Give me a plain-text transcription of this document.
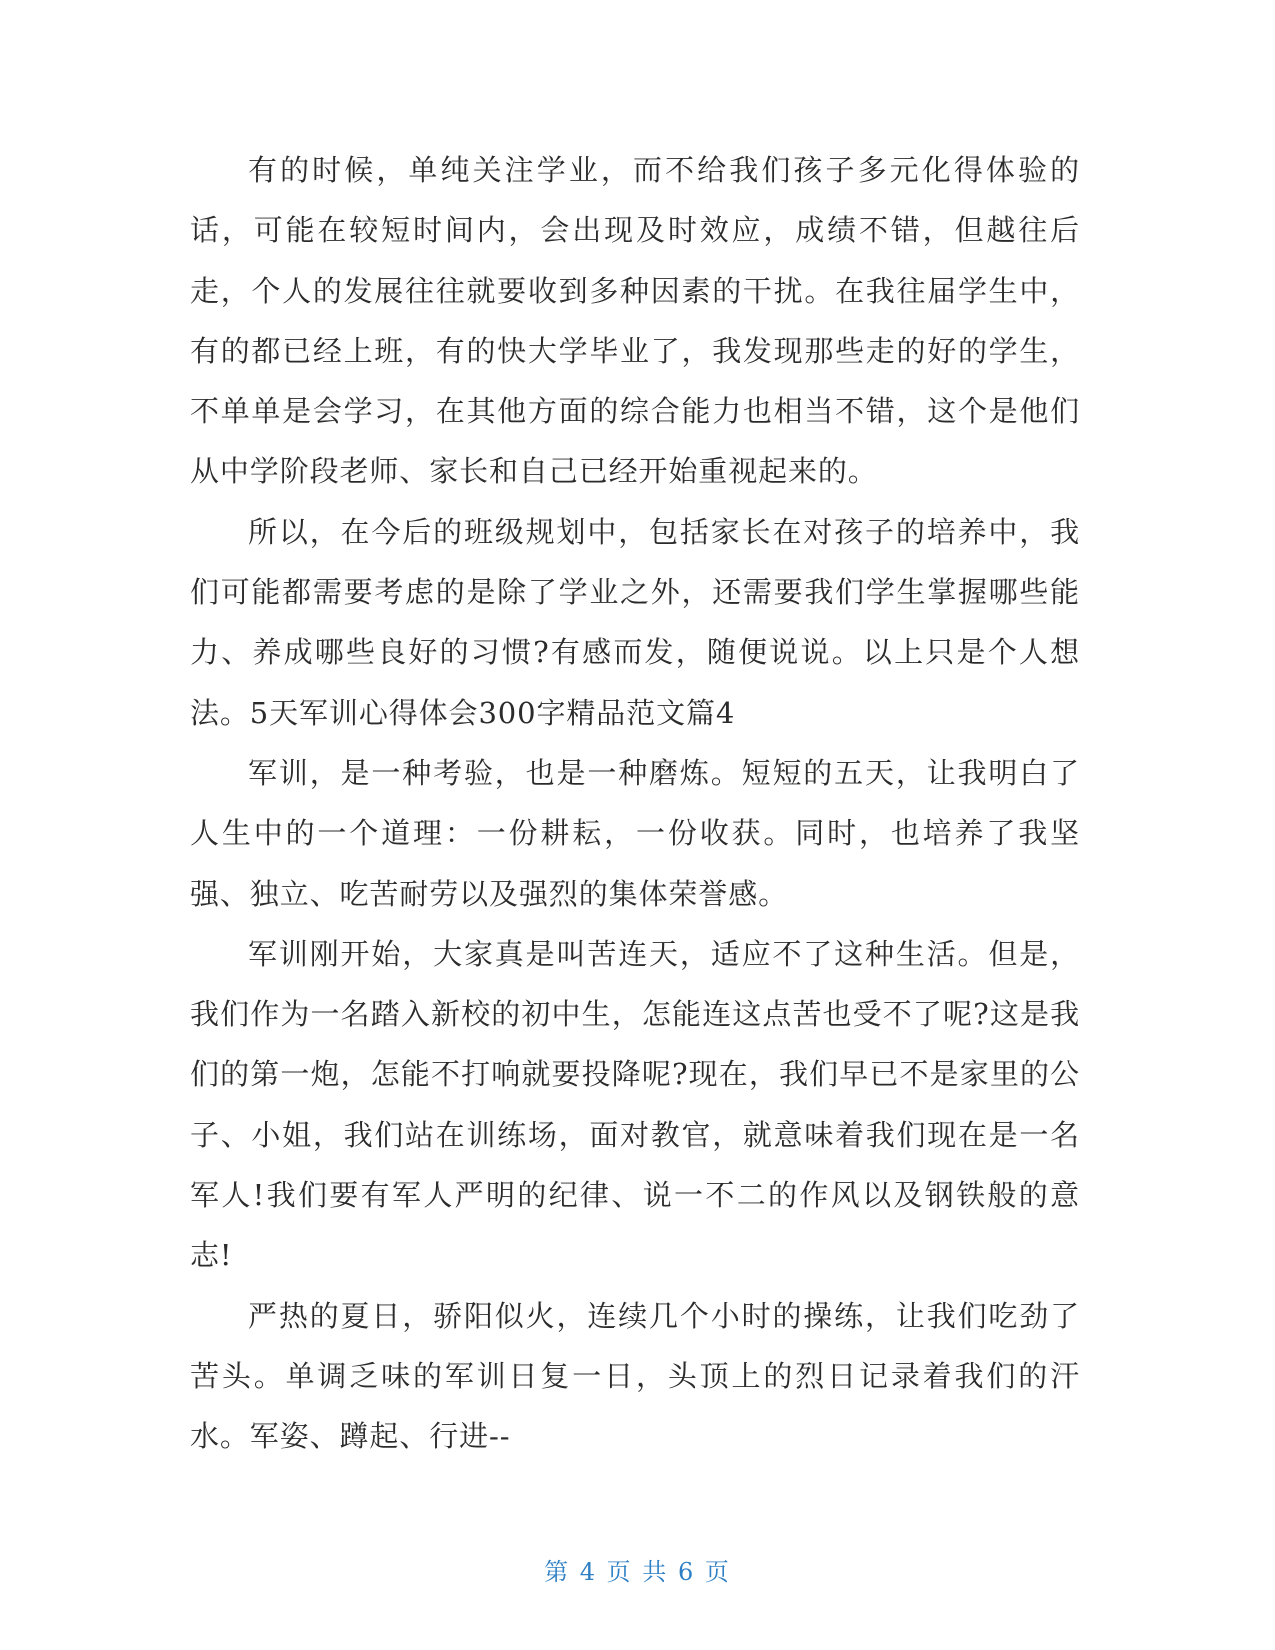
有的时候，单纯关注学业，而不给我们孩子多元化得体验的话，可能在较短时间内，会出现及时效应，成绩不错，但越往后走，个人的发展往往就要收到多种因素的干扰。在我往届学生中，有的都已经上班，有的快大学毕业了，我发现那些走的好的学生，不单单是会学习，在其他方面的综合能力也相当不错，这个是他们从中学阶段老师、家长和自己已经开始重视起来的。

所以，在今后的班级规划中，包括家长在对孩子的培养中，我们可能都需要考虑的是除了学业之外，还需要我们学生掌握哪些能力、养成哪些良好的习惯?有感而发，随便说说。以上只是个人想法。5天军训心得体会300字精品范文篇4

军训，是一种考验，也是一种磨炼。短短的五天，让我明白了人生中的一个道理：一份耕耘，一份收获。同时，也培养了我坚强、独立、吃苦耐劳以及强烈的集体荣誉感。

军训刚开始，大家真是叫苦连天，适应不了这种生活。但是，我们作为一名踏入新校的初中生，怎能连这点苦也受不了呢?这是我们的第一炮，怎能不打响就要投降呢?现在，我们早已不是家里的公子、小姐，我们站在训练场，面对教官，就意味着我们现在是一名军人!我们要有军人严明的纪律、说一不二的作风以及钢铁般的意志!

严热的夏日，骄阳似火，连续几个小时的操练，让我们吃劲了苦头。单调乏味的军训日复一日，头顶上的烈日记录着我们的汗水。军姿、蹲起、行进--

第 4 页 共 6 页
